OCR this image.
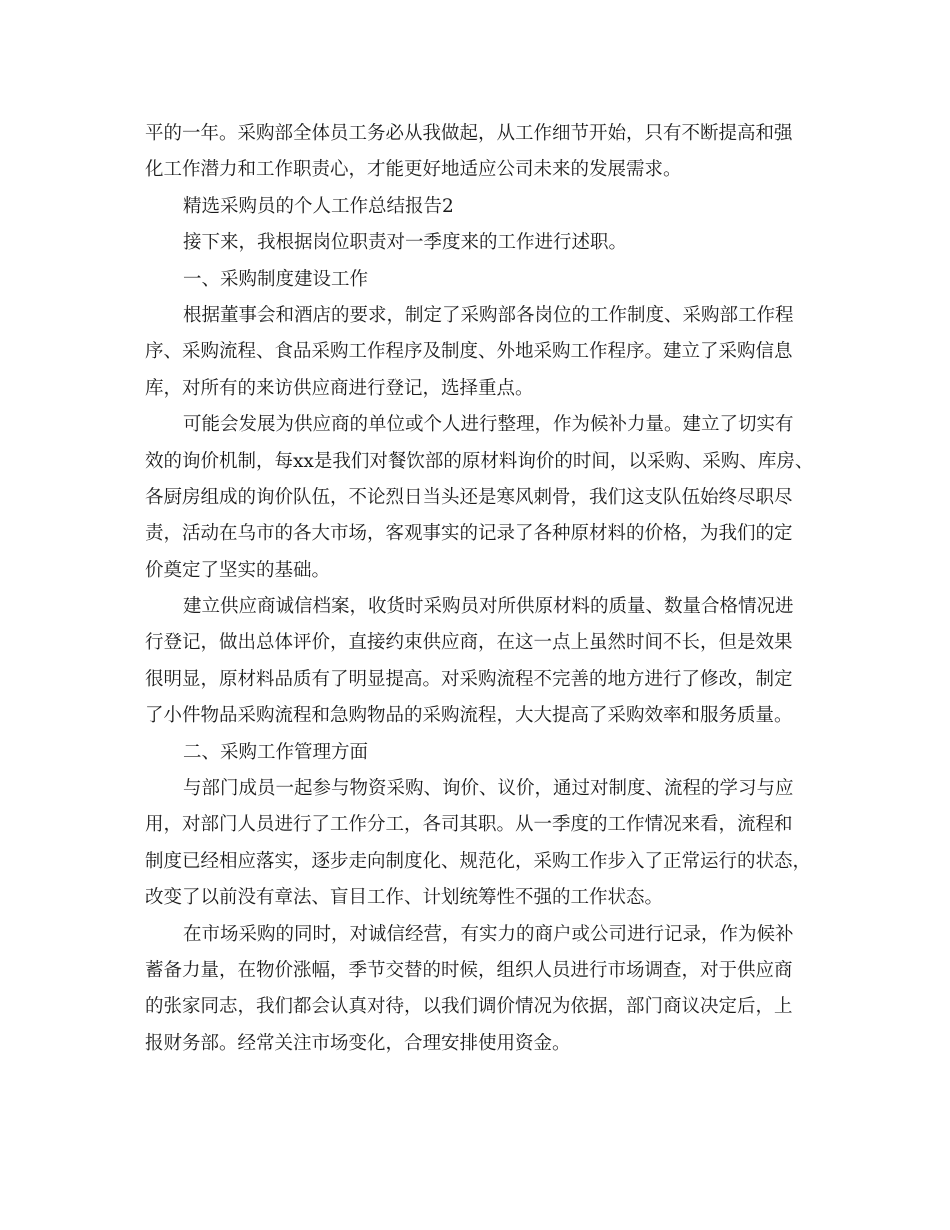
平的一年。采购部全体员工务必从我做起，从工作细节开始，只有不断提高和强
化工作潜力和工作职责心，才能更好地适应公司未来的发展需求。
精选采购员的个人工作总结报告2
接下来，我根据岗位职责对一季度来的工作进行述职。
一、采购制度建设工作
根据董事会和酒店的要求，制定了采购部各岗位的工作制度、采购部工作程
序、采购流程、食品采购工作程序及制度、外地采购工作程序。建立了采购信息
库，对所有的来访供应商进行登记，选择重点。
可能会发展为供应商的单位或个人进行整理，作为候补力量。建立了切实有
效的询价机制，每xx是我们对餐饮部的原材料询价的时间，以采购、采购、库房、
各厨房组成的询价队伍，不论烈日当头还是寒风刺骨，我们这支队伍始终尽职尽
责，活动在乌市的各大市场，客观事实的记录了各种原材料的价格，为我们的定
价奠定了坚实的基础。
建立供应商诚信档案，收货时采购员对所供原材料的质量、数量合格情况进
行登记，做出总体评价，直接约束供应商，在这一点上虽然时间不长，但是效果
很明显，原材料品质有了明显提高。对采购流程不完善的地方进行了修改，制定
了小件物品采购流程和急购物品的采购流程，大大提高了采购效率和服务质量。
二、采购工作管理方面
与部门成员一起参与物资采购、询价、议价，通过对制度、流程的学习与应
用，对部门人员进行了工作分工，各司其职。从一季度的工作情况来看，流程和
制度已经相应落实，逐步走向制度化、规范化，采购工作步入了正常运行的状态，
改变了以前没有章法、盲目工作、计划统筹性不强的工作状态。
在市场采购的同时，对诚信经营，有实力的商户或公司进行记录，作为候补
蓄备力量，在物价涨幅，季节交替的时候，组织人员进行市场调查，对于供应商
的张家同志，我们都会认真对待，以我们调价情况为依据，部门商议决定后，上
报财务部。经常关注市场变化，合理安排使用资金。
